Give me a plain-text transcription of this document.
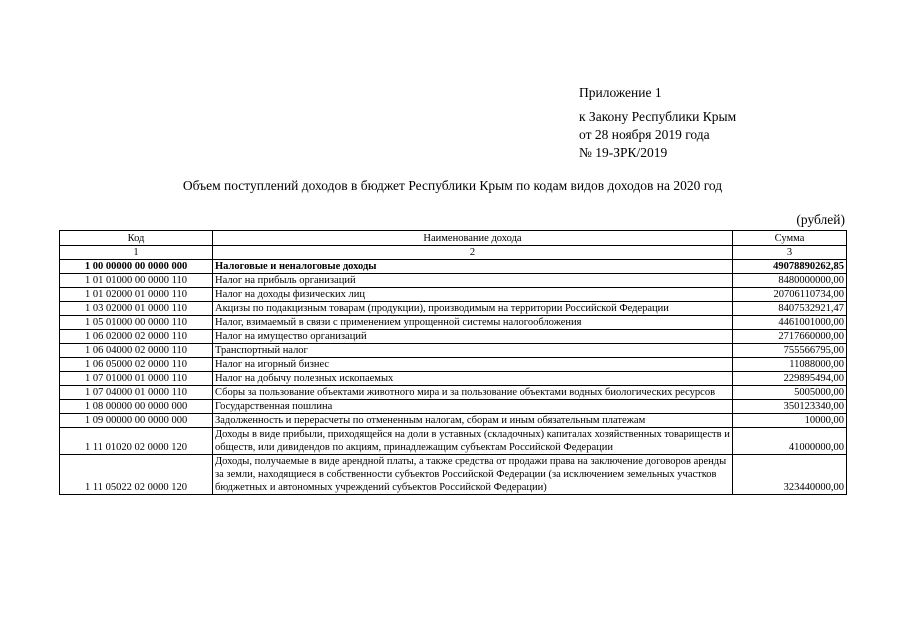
Приложение 1
к Закону Республики Крым
от 28 ноября 2019 года
№ 19-ЗРК/2019
Объем поступлений доходов в бюджет Республики Крым по кодам видов доходов на 2020 год
(рублей)
Код	Наименование дохода	Сумма
1	2	3
1 00 00000 00 0000 000	Налоговые и неналоговые доходы	49078890262,85
1 01 01000 00 0000 110	Налог на прибыль организаций	8480000000,00
1 01 02000 01 0000 110	Налог на доходы физических лиц	20706110734,00
1 03 02000 01 0000 110	Акцизы по подакцизным товарам (продукции), производимым на территории Российской Федерации	8407532921,47
1 05 01000 00 0000 110	Налог, взимаемый в связи с применением упрощенной системы налогообложения	4461001000,00
1 06 02000 02 0000 110	Налог на имущество организаций	2717660000,00
1 06 04000 02 0000 110	Транспортный налог	755566795,00
1 06 05000 02 0000 110	Налог на игорный бизнес	11088000,00
1 07 01000 01 0000 110	Налог на добычу полезных ископаемых	229895494,00
1 07 04000 01 0000 110	Сборы за пользование объектами животного мира и за пользование объектами водных биологических ресурсов	5005000,00
1 08 00000 00 0000 000	Государственная пошлина	350123340,00
1 09 00000 00 0000 000	Задолженность и перерасчеты по отмененным налогам, сборам и иным обязательным платежам	10000,00
1 11 01020 02 0000 120	Доходы в виде прибыли, приходящейся на доли в уставных (складочных) капиталах хозяйственных товариществ и обществ, или дивидендов по акциям, принадлежащим субъектам Российской Федерации	41000000,00
1 11 05022 02 0000 120	Доходы, получаемые в виде арендной платы, а также средства от продажи права на заключение договоров аренды за земли, находящиеся в собственности субъектов Российской Федерации (за исключением земельных участков бюджетных и автономных учреждений субъектов Российской Федерации)	323440000,00
